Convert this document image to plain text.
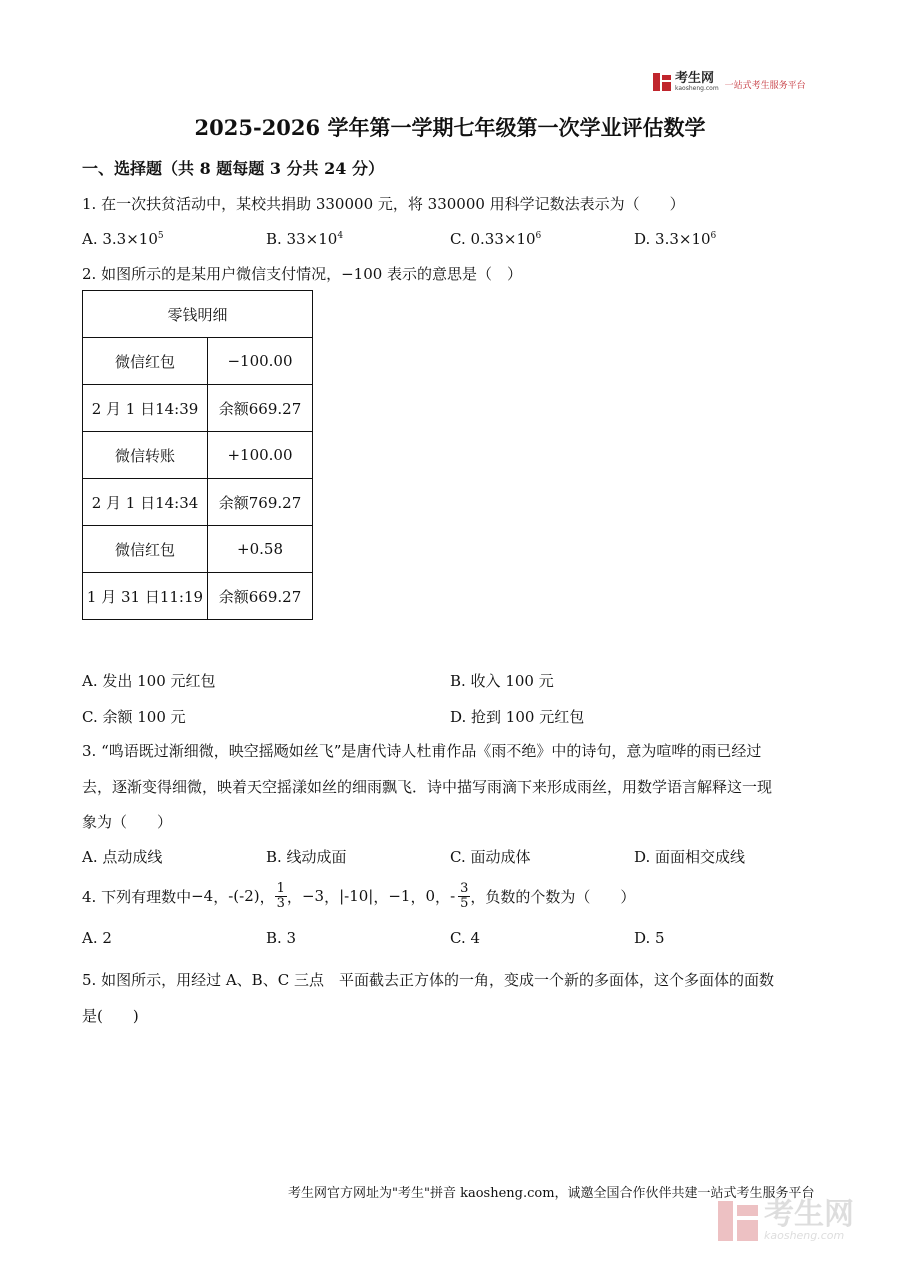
考生网
kaosheng.com 一站式考生服务平台
2025-2026 学年第一学期七年级第一次学业评估数学
一、选择题（共 8 题每题 3 分共 24 分）
1. 在一次扶贫活动中，某校共捐助 330000 元，将 330000 用科学记数法表示为（　　）
A. $3.3\times 10^5$	B. $33\times 10^4$	C. $0.33\times 10^6$	D. $3.3\times 10^6$
2. 如图所示的是某用户微信支付情况，−100 表示的意思是（　）
零钱明细	
微信红包	−100.00
2 月 1 日14:39	余额669.27
微信转账	+100.00
2 月 1 日14:34	余额769.27
微信红包	+0.58
1 月 31 日11:19	余额669.27
A. 发出 100 元红包	B. 收入 100 元
C. 余额 100 元	D. 抢到 100 元红包
3. “鸣语既过渐细微，映空摇飏如丝飞”是唐代诗人杜甫作品《雨不绝》中的诗句，意为喧哗的雨已经过
去，逐渐变得细微，映着天空摇漾如丝的细雨飘飞．诗中描写雨滴下来形成雨丝，用数学语言解释这一现
象为（　　）
A. 点动成线	B. 线动成面	C. 面动成体	D. 面面相交成线
4. 下列有理数中 −4 ， -(-2) ， $\frac{1}{3}$ ， −3 ， |-10| ， −1 ， 0 ， - $\frac{3}{5}$ ，负数的个数为（　　）
A. 2	B. 3	C. 4	D. 5
5. 如图所示，用经过 A、B、C 三点　平面截去正方体的一角，变成一个新的多面体，这个多面体的面数
是(　　)
考生网官方网址为"考生"拼音 kaosheng.com，诚邀全国合作伙伴共建一站式考生服务平台
考生网
kaosheng.com
